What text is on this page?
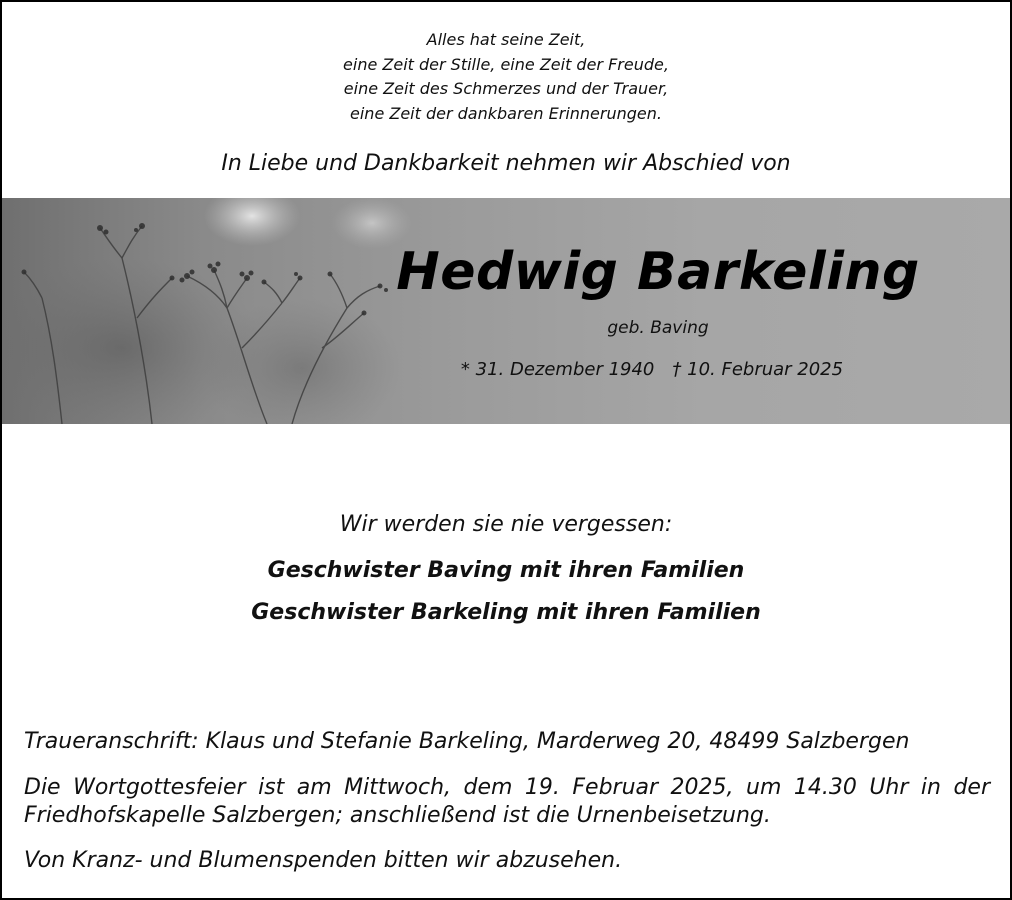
Alles hat seine Zeit,
eine Zeit der Stille, eine Zeit der Freude,
eine Zeit des Schmerzes und der Trauer,
eine Zeit der dankbaren Erinnerungen.
In Liebe und Dankbarkeit nehmen wir Abschied von
Hedwig Barkeling
geb. Baving
* 31. Dezember 1940 † 10. Februar 2025
Wir werden sie nie vergessen:
Geschwister Baving mit ihren Familien
Geschwister Barkeling mit ihren Familien
Traueranschrift: Klaus und Stefanie Barkeling, Marderweg 20, 48499 Salzbergen
Die Wortgottesfeier ist am Mittwoch, dem 19. Februar 2025, um 14.30 Uhr in der Friedhofskapelle Salzbergen; anschließend ist die Urnenbeisetzung.
Von Kranz- und Blumenspenden bitten wir abzusehen.
